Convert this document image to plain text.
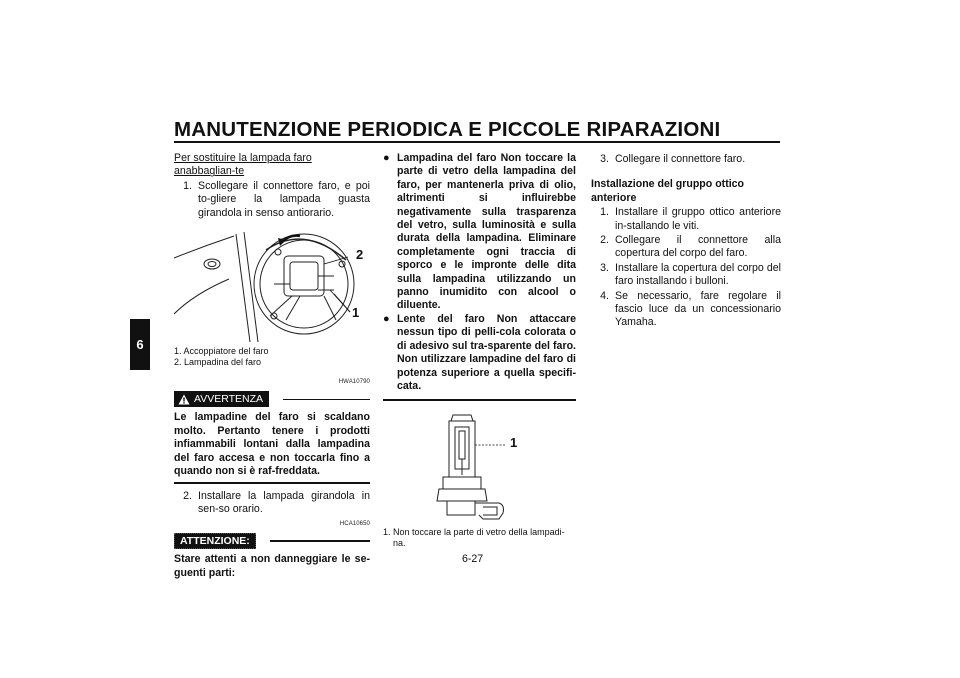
MANUTENZIONE PERIODICA E PICCOLE RIPARAZIONI
6
Per sostituire la lampada faro anabbaglian-te
1. Scollegare il connettore faro, e poi to-gliere la lampada guasta girandola in senso antiorario.
2
1
1. Accoppiatore del faro
2. Lampadina del faro
HWA10790
AVVERTENZA
Le lampadine del faro si scaldano molto. Pertanto tenere i prodotti infiammabili lontani dalla lampadina del faro accesa e non toccarla fino a quando non si è raf-freddata.
2. Installare la lampada girandola in sen-so orario.
HCA10650
ATTENZIONE:
Stare attenti a non danneggiare le se-guenti parti:
● Lampadina del faro Non toccare la parte di vetro della lampadina del faro, per mantenerla priva di olio, altrimenti si influirebbe negativamente sulla trasparenza del vetro, sulla luminosità e sulla durata della lampadina. Eliminare completamente ogni traccia di sporco e le impronte delle dita sulla lampadina utilizzando un panno inumidito con alcool o diluente.
● Lente del faro Non attaccare nessun tipo di pelli-cola colorata o di adesivo sul tra-sparente del faro. Non utilizzare lampadine del faro di potenza superiore a quella specifi-cata.
1
1. Non toccare la parte di vetro della lampadi-na.
3. Collegare il connettore faro.
Installazione del gruppo ottico anteriore
1. Installare il gruppo ottico anteriore in-stallando le viti.
2. Collegare il connettore alla copertura del corpo del faro.
3. Installare la copertura del corpo del faro installando i bulloni.
4. Se necessario, fare regolare il fascio luce da un concessionario Yamaha.
6-27
